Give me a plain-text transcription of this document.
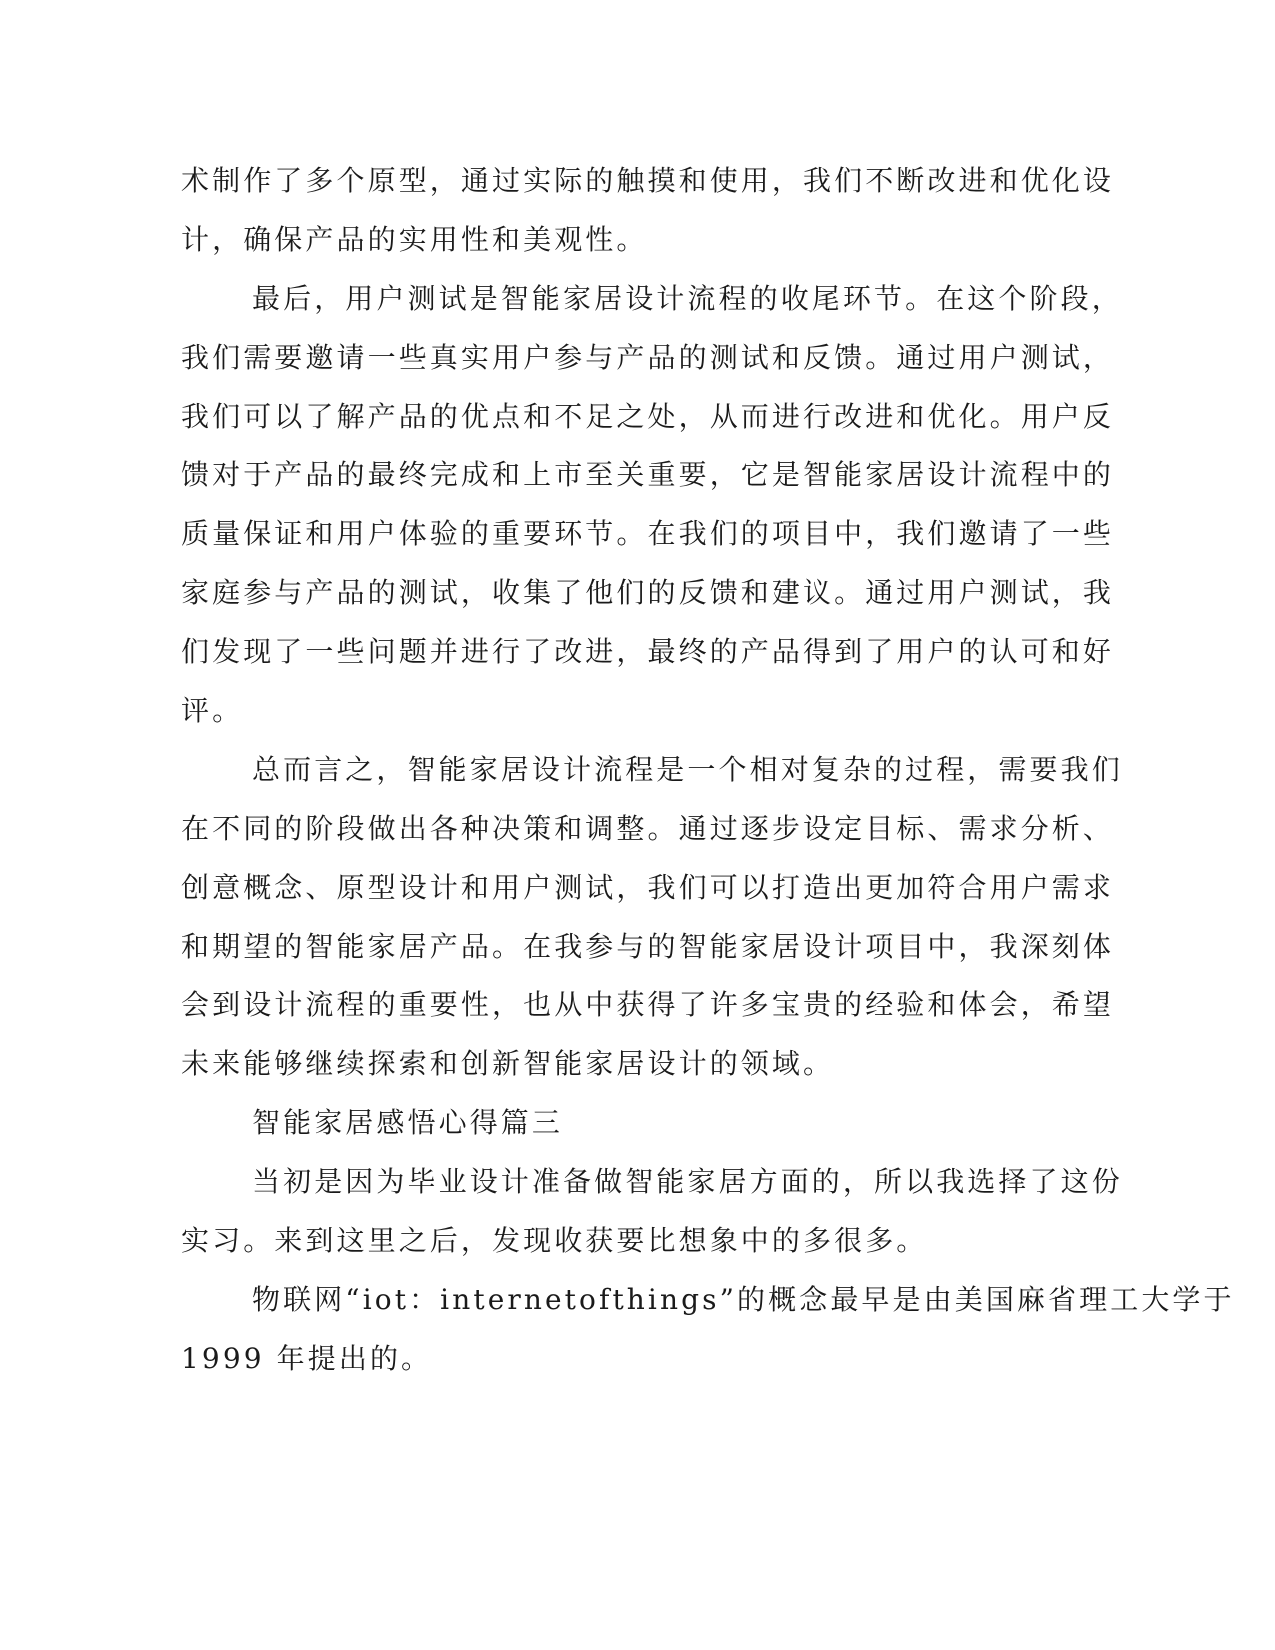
术制作了多个原型，通过实际的触摸和使用，我们不断改进和优化设
计，确保产品的实用性和美观性。
最后，用户测试是智能家居设计流程的收尾环节。在这个阶段，
我们需要邀请一些真实用户参与产品的测试和反馈。通过用户测试，
我们可以了解产品的优点和不足之处，从而进行改进和优化。用户反
馈对于产品的最终完成和上市至关重要，它是智能家居设计流程中的
质量保证和用户体验的重要环节。在我们的项目中，我们邀请了一些
家庭参与产品的测试，收集了他们的反馈和建议。通过用户测试，我
们发现了一些问题并进行了改进，最终的产品得到了用户的认可和好
评。
总而言之，智能家居设计流程是一个相对复杂的过程，需要我们
在不同的阶段做出各种决策和调整。通过逐步设定目标、需求分析、
创意概念、原型设计和用户测试，我们可以打造出更加符合用户需求
和期望的智能家居产品。在我参与的智能家居设计项目中，我深刻体
会到设计流程的重要性，也从中获得了许多宝贵的经验和体会，希望
未来能够继续探索和创新智能家居设计的领域。
智能家居感悟心得篇三
当初是因为毕业设计准备做智能家居方面的，所以我选择了这份
实习。来到这里之后，发现收获要比想象中的多很多。
物联网“iot：internetofthings”的概念最早是由美国麻省理工大学于
1999 年提出的。
